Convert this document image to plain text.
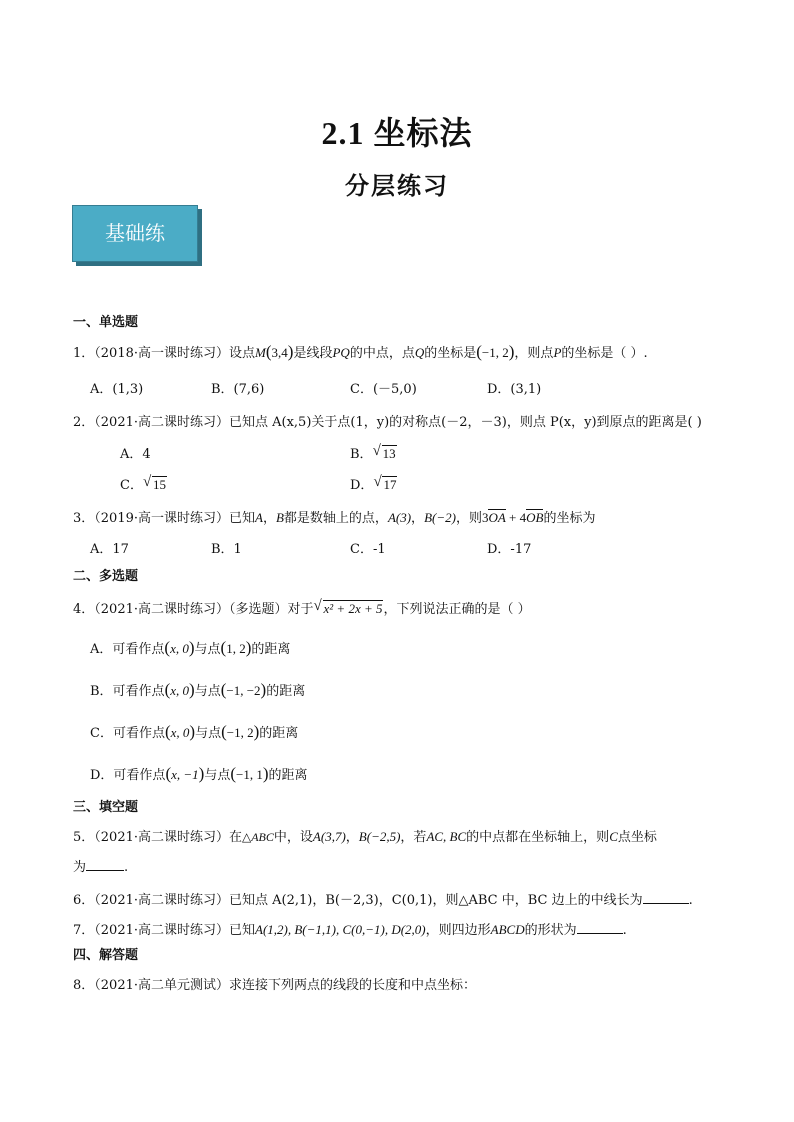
2.1 坐标法
分层练习
基础练
一、单选题
1．（2018·高一课时练习）设点M(3,4)是线段PQ的中点，点Q的坐标是(−1, 2)，则点P的坐标是（ ）.
A．(1,3)	B．(7,6)	C．(－5,0)	D．(3,1)
2．（2021·高二课时练习）已知点 A(x,5)关于点(1，y)的对称点(－2，－3)，则点 P(x，y)到原点的距离是( )
A．4	B． √ 13
C． √ 15	D． √ 17
3．（2019·高一课时练习）已知A，B都是数轴上的点，A(3)，B(−2)，则3OA + 4OB的坐标为
A．17	B．1	C．-1	D．-17
二、多选题
4．（2021·高二课时练习）（多选题）对于 √ x² + 2x + 5，下列说法正确的是（ ）
A．可看作点(x, 0)与点(1, 2)的距离
B．可看作点(x, 0)与点(−1, −2)的距离
C．可看作点(x, 0)与点(−1, 2)的距离
D．可看作点(x, −1)与点(−1, 1)的距离
三、填空题
5．（2021·高二课时练习）在△ABC中，设A(3,7)，B(−2,5)，若AC, BC的中点都在坐标轴上，则C点坐标
为	.
6．（2021·高二课时练习）已知点 A(2,1)，B(－2,3)，C(0,1)，则△ABC 中，BC 边上的中线长为	.
7．（2021·高二课时练习）已知A(1,2), B(−1,1), C(0,−1), D(2,0)，则四边形ABCD的形状为	.
四、解答题
8．（2021·高二单元测试）求连接下列两点的线段的长度和中点坐标：
